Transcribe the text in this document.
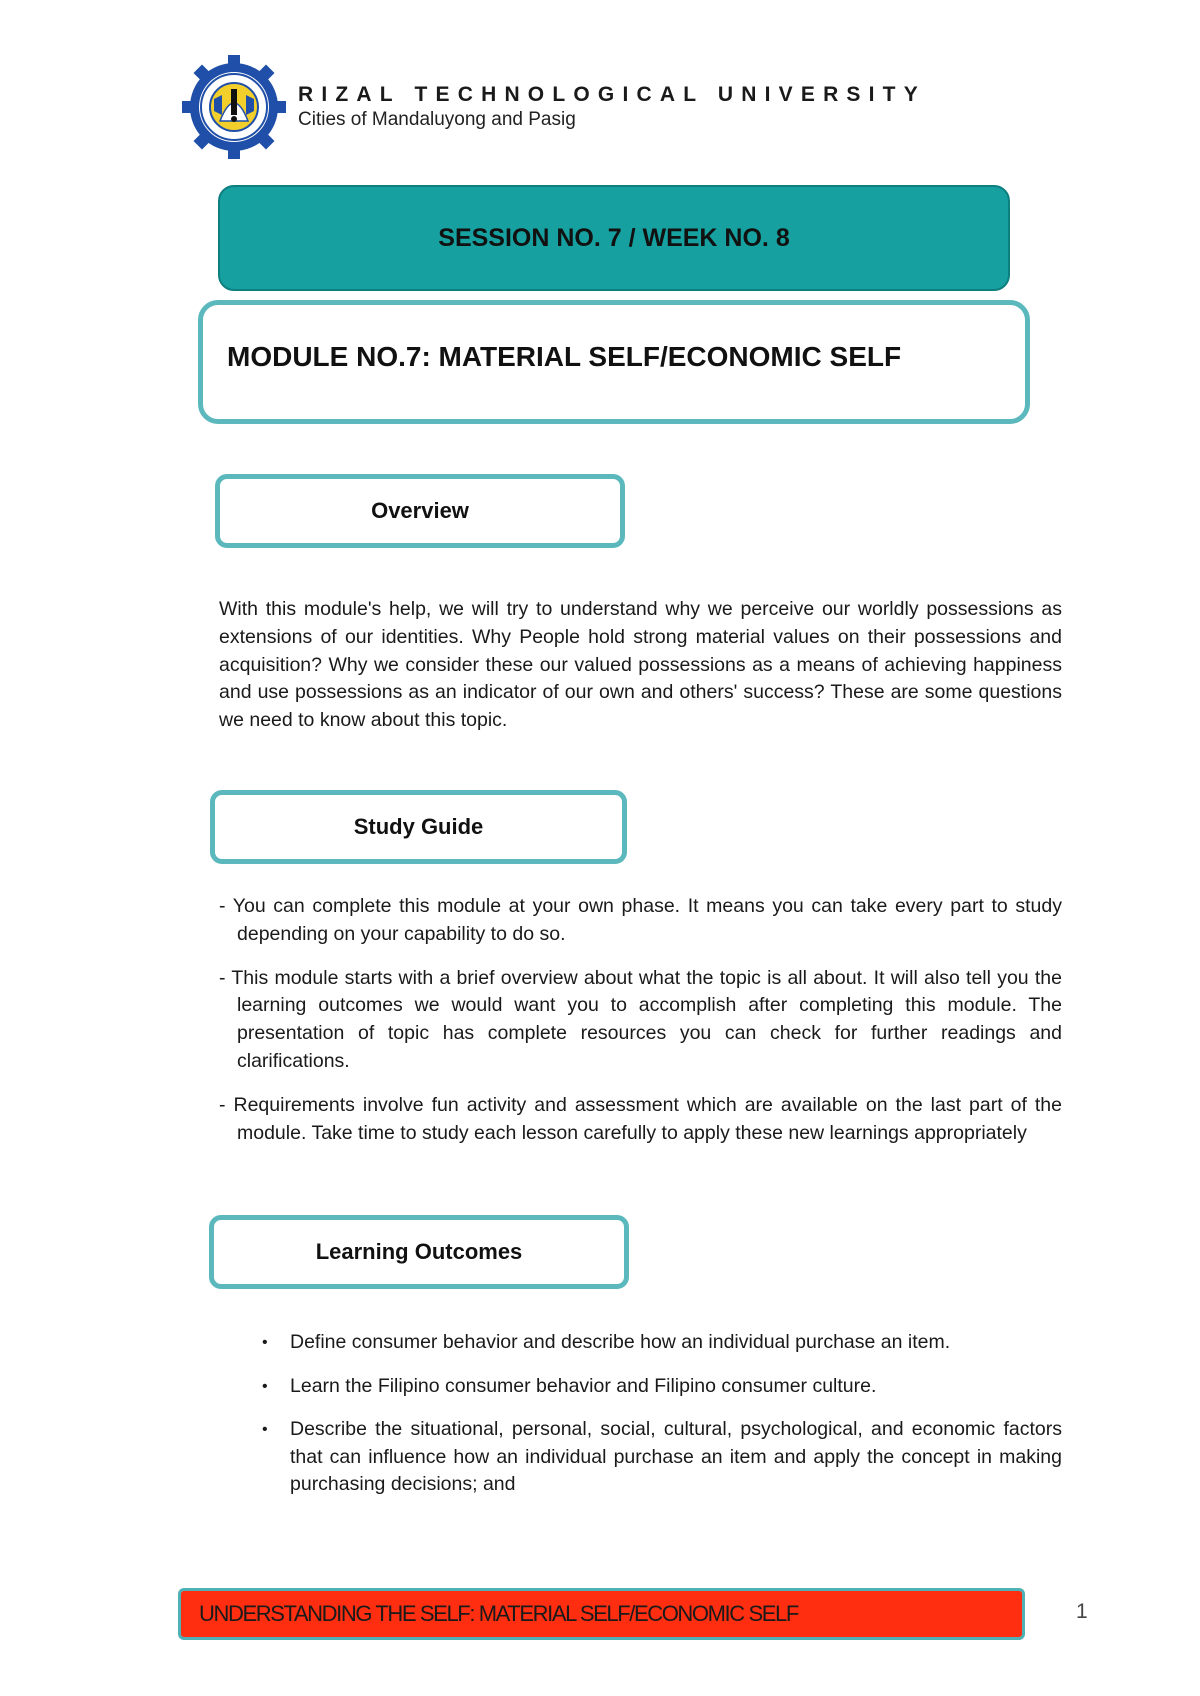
RIZAL TECHNOLOGICAL UNIVERSITY
Cities of Mandaluyong and Pasig
SESSION NO. 7 / WEEK NO. 8
MODULE NO.7: MATERIAL SELF/ECONOMIC SELF
Overview
With this module's help, we will try to understand why we perceive our worldly possessions as extensions of our identities. Why People hold strong material values on their possessions and acquisition? Why we consider these our valued possessions as a means of achieving happiness and use possessions as an indicator of our own and others' success? These are some questions we need to know about this topic.
Study Guide
- You can complete this module at your own phase. It means you can take every part to study depending on your capability to do so.
- This module starts with a brief overview about what the topic is all about. It will also tell you the learning outcomes we would want you to accomplish after completing this module. The presentation of topic has complete resources you can check for further readings and clarifications.
- Requirements involve fun activity and assessment which are available on the last part of the module. Take time to study each lesson carefully to apply these new learnings appropriately
Learning Outcomes
• Define consumer behavior and describe how an individual purchase an item.
• Learn the Filipino consumer behavior and Filipino consumer culture.
• Describe the situational, personal, social, cultural, psychological, and economic factors that can influence how an individual purchase an item and apply the concept in making purchasing decisions; and
UNDERSTANDING THE SELF: MATERIAL SELF/ECONOMIC SELF	1
